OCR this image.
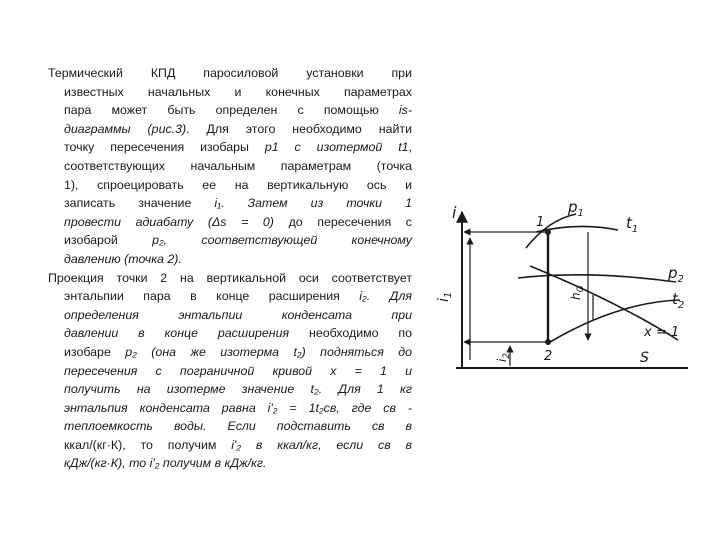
Термический КПД паросиловой установки при
известных начальных и конечных параметрах
пара может быть определен с помощью is-
диаграммы (рис.3). Для этого необходимо найти
точку пересечения изобары p1 с изотермой t1,
соответствующих начальным параметрам (точка
1), спроецировать ее на вертикальную ось и
записать значение i₁. Затем из точки 1
провести адиабату (Δs = 0) до пересечения с
изобарой p₂, соответствующей конечному
давлению (точка 2).
Проекция точки 2 на вертикальной оси соответствует
энтальпии пара в конце расширения i₂. Для
определения энтальпии конденсата при
давлении в конце расширения необходимо по
изобаре p₂ (она же изотерма t₂) поднятьcя до
пересечения с пограничной кривой x = 1 и
получить на изотерме значение t₂. Для 1 кг
энтальпия конденсата равна i'₂ = 1t₂cв, где cв -
теплоемкость воды. Если подставить cв в
ккал/(кг·К), то получим i'₂ в ккал/кг, если cв в
кДж/(кг·К), то i'₂ получим в кДж/кг.
i
S
1
2
$p_1$
$t_1$
$p_2$
$t_2$
x = 1
$h_G$
$i_1$
$i_2$
